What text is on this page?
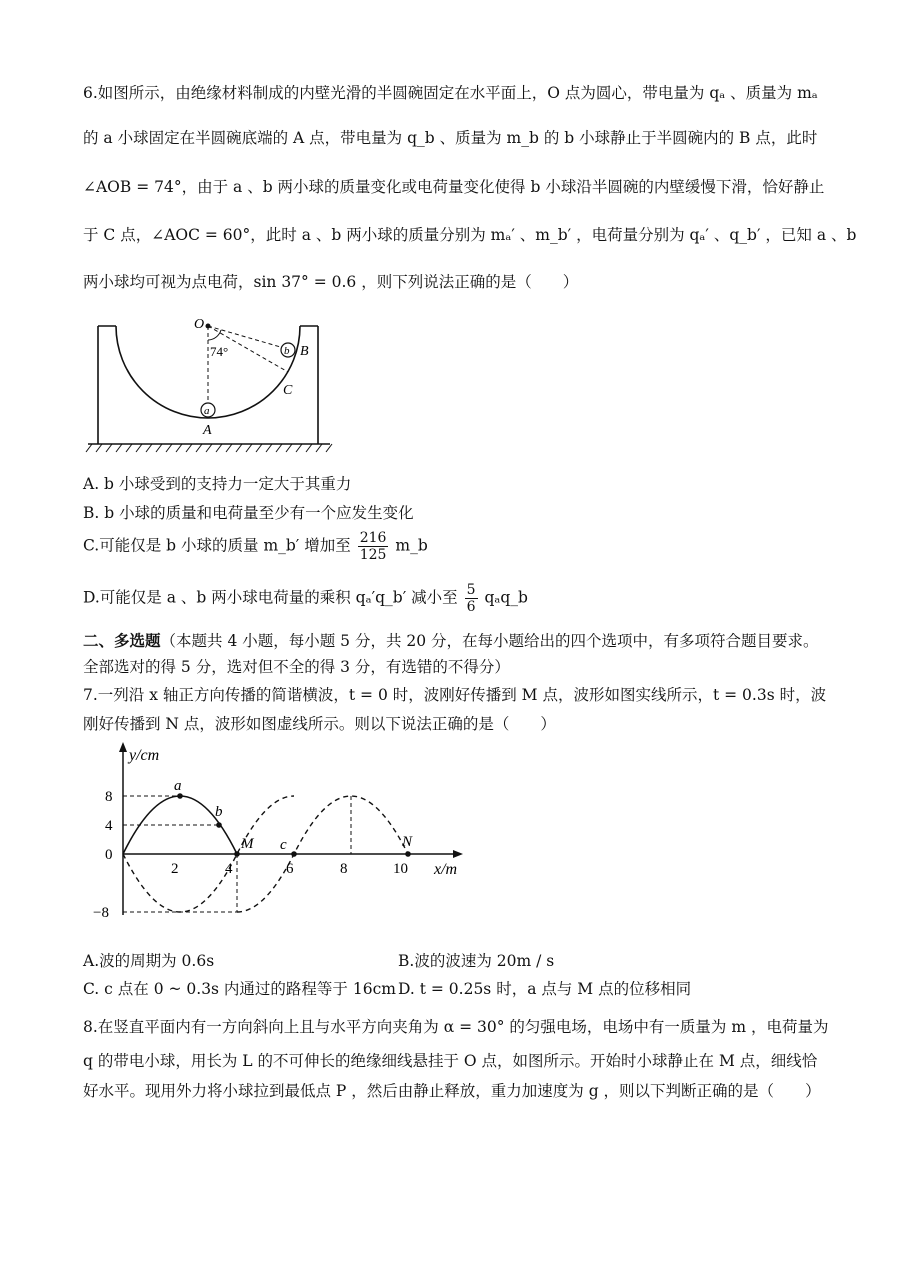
6.如图所示，由绝缘材料制成的内壁光滑的半圆碗固定在水平面上，O 点为圆心，带电量为 qₐ 、质量为 mₐ
的 a 小球固定在半圆碗底端的 A 点，带电量为 q_b 、质量为 m_b 的 b 小球静止于半圆碗内的 B 点，此时
∠AOB = 74°，由于 a 、b 两小球的质量变化或电荷量变化使得 b 小球沿半圆碗的内壁缓慢下滑，恰好静止
于 C 点，∠AOC = 60°，此时 a 、b 两小球的质量分别为 mₐ′ 、m_b′ ，电荷量分别为 qₐ′ 、q_b′ ，已知 a 、b
两小球均可视为点电荷，sin 37° = 0.6 ，则下列说法正确的是（　　）
O
74°	B
C
A
a
b
A. b 小球受到的支持力一定大于其重力
B. b 小球的质量和电荷量至少有一个应发生变化
C.可能仅是 b 小球的质量 m_b′ 增加至 $\frac{216}{125}$ m_b
D.可能仅是 a 、b 两小球电荷量的乘积 qₐ′q_b′ 减小至 $\frac{5}{6}$ qₐq_b
二、多选题（本题共 4 小题，每小题 5 分，共 20 分，在每小题给出的四个选项中，有多项符合题目要求。
全部选对的得 5 分，选对但不全的得 3 分，有选错的不得分）
7.一列沿 x 轴正方向传播的简谐横波，t = 0 时，波刚好传播到 M 点，波形如图实线所示，t = 0.3s 时，波
刚好传播到 N 点，波形如图虚线所示。则以下说法正确的是（　　）
y/cm
x/m
8
4
0
−8
2	4	6	8	10
a
b
M c	N
A.波的周期为 0.6s	B.波的波速为 20m / s
C. c 点在 0 ~ 0.3s 内通过的路程等于 16cm D. t = 0.25s 时，a 点与 M 点的位移相同
8.在竖直平面内有一方向斜向上且与水平方向夹角为 α = 30° 的匀强电场，电场中有一质量为 m ，电荷量为
q 的带电小球，用长为 L 的不可伸长的绝缘细线悬挂于 O 点，如图所示。开始时小球静止在 M 点，细线恰
好水平。现用外力将小球拉到最低点 P ，然后由静止释放，重力加速度为 g ，则以下判断正确的是（　　）
